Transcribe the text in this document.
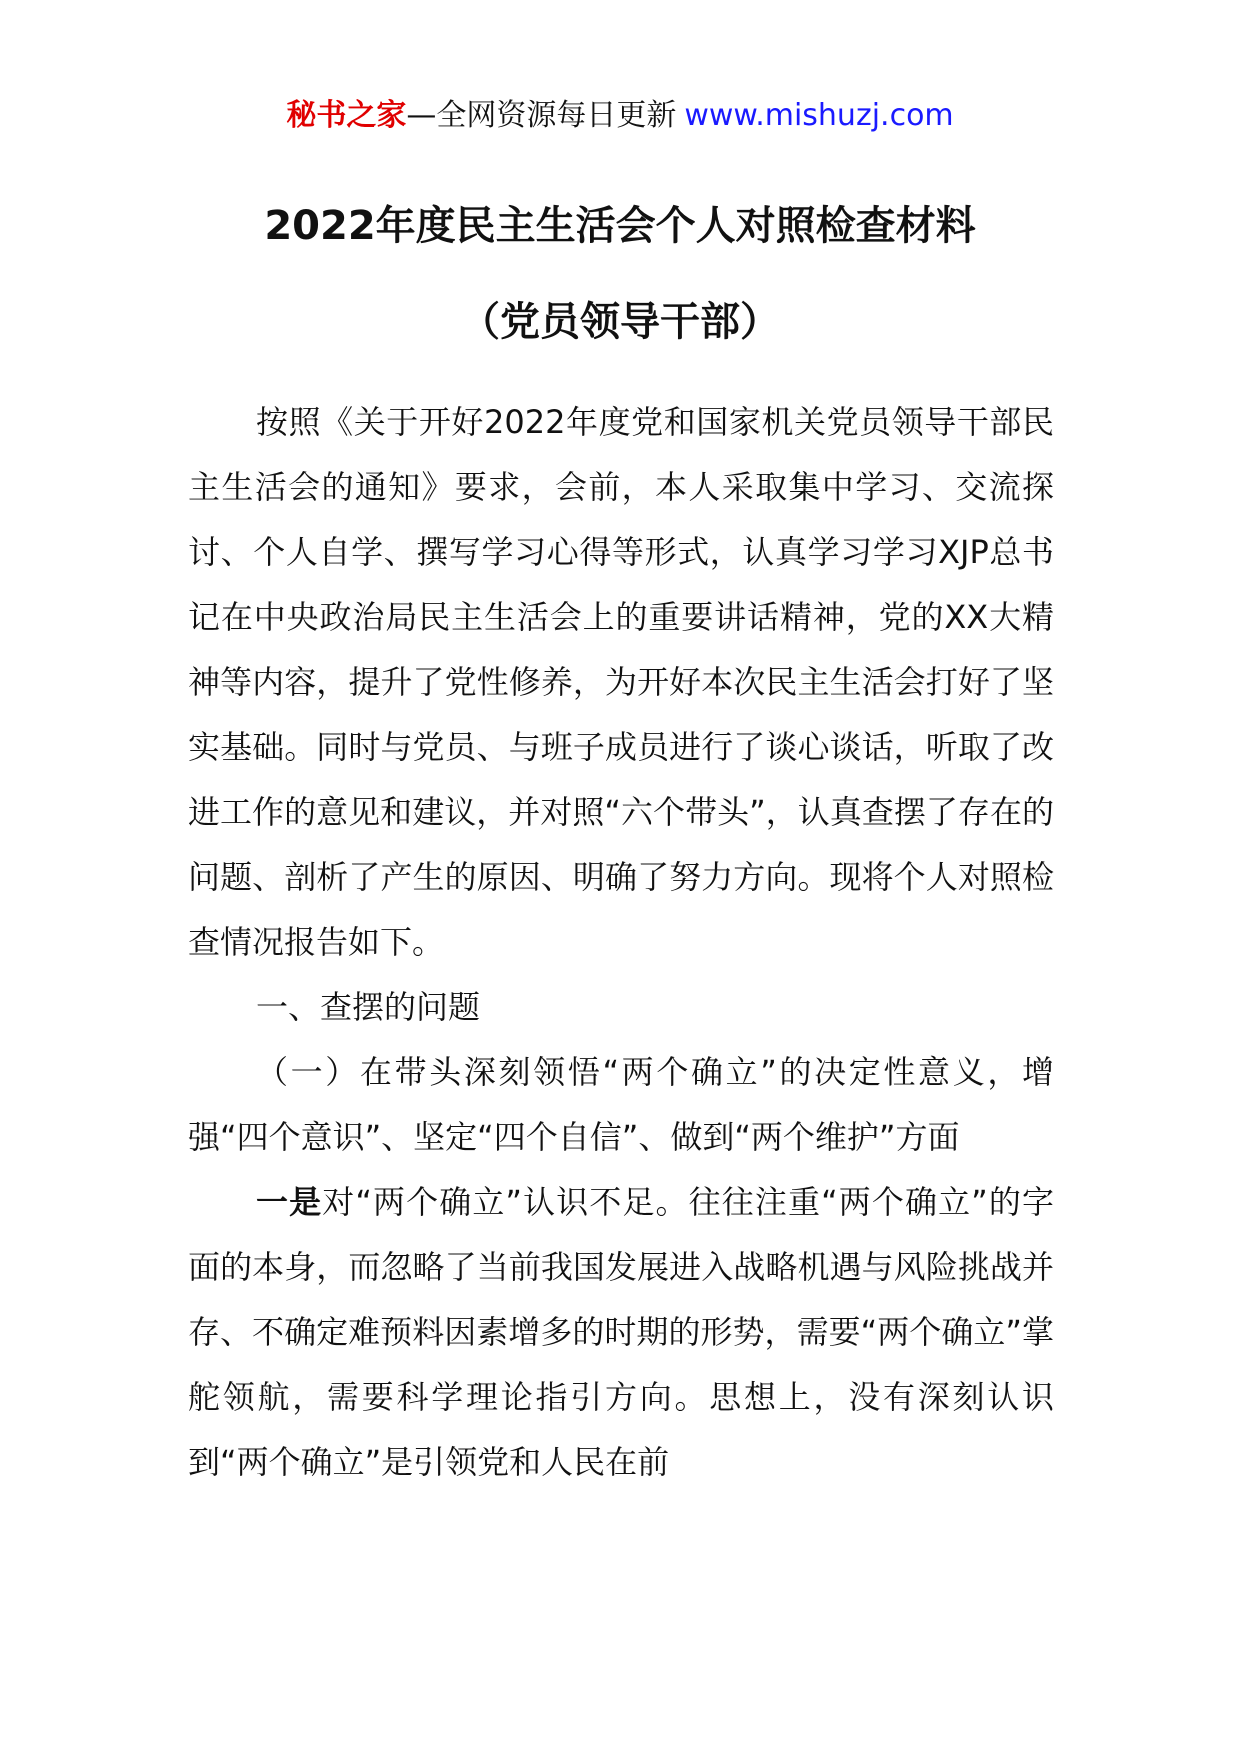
秘书之家—全网资源每日更新 www.mishuzj.com
2022年度民主生活会个人对照检查材料
（党员领导干部）

按照《关于开好2022年度党和国家机关党员领导干部民主生活会的通知》要求，会前，本人采取集中学习、交流探讨、个人自学、撰写学习心得等形式，认真学习学习XJP总书记在中央政治局民主生活会上的重要讲话精神，党的XX大精神等内容，提升了党性修养，为开好本次民主生活会打好了坚实基础。同时与党员、与班子成员进行了谈心谈话，听取了改进工作的意见和建议，并对照“六个带头”，认真查摆了存在的问题、剖析了产生的原因、明确了努力方向。现将个人对照检查情况报告如下。

一、查摆的问题

（一）在带头深刻领悟“两个确立”的决定性意义，增强“四个意识”、坚定“四个自信”、做到“两个维护”方面

一是对“两个确立”认识不足。往往注重“两个确立”的字面的本身，而忽略了当前我国发展进入战略机遇与风险挑战并存、不确定难预料因素增多的时期的形势，需要“两个确立”掌舵领航，需要科学理论指引方向。思想上，没有深刻认识到“两个确立”是引领党和人民在前
